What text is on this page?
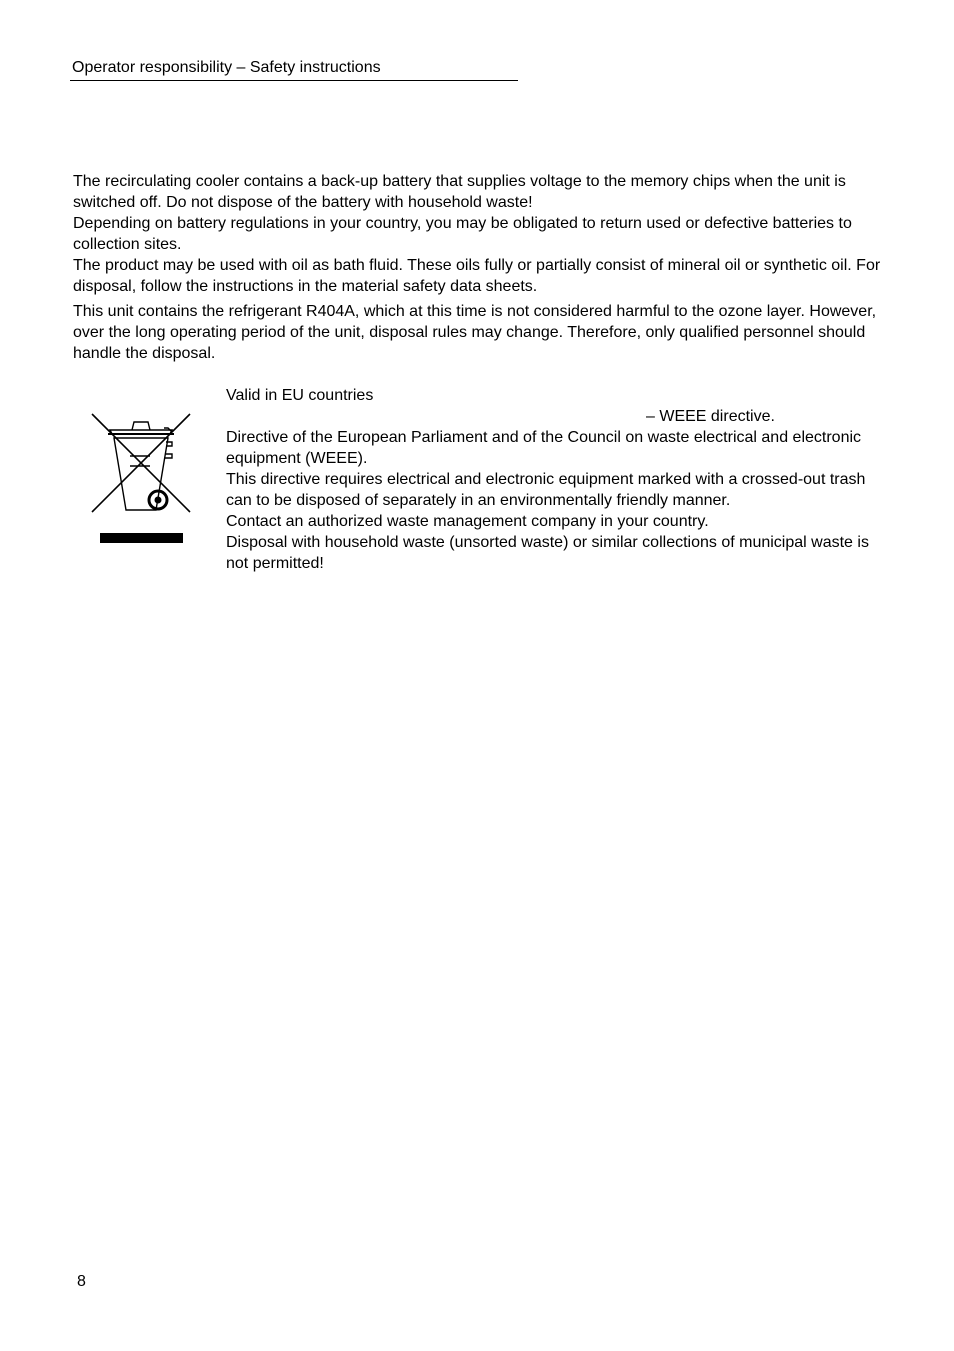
Operator responsibility – Safety instructions

The recirculating cooler contains a back-up battery that supplies voltage to the memory chips when the unit is switched off. Do not dispose of the battery with household waste!

Depending on battery regulations in your country, you may be obligated to return used or defective batteries to collection sites.

The product may be used with oil as bath fluid. These oils fully or partially consist of mineral oil or synthetic oil. For disposal, follow the instructions in the material safety data sheets.

This unit contains the refrigerant R404A, which at this time is not considered harmful to the ozone layer. However, over the long operating period of the unit, disposal rules may change. Therefore, only qualified personnel should handle the disposal.

Valid in EU countries

– WEEE directive.

Directive of the European Parliament and of the Council on waste electrical and electronic equipment (WEEE).

This directive requires electrical and electronic equipment marked with a crossed-out trash can to be disposed of separately in an environmentally friendly manner.

Contact an authorized waste management company in your country.

Disposal with household waste (unsorted waste) or similar collections of municipal waste is not permitted!

8
